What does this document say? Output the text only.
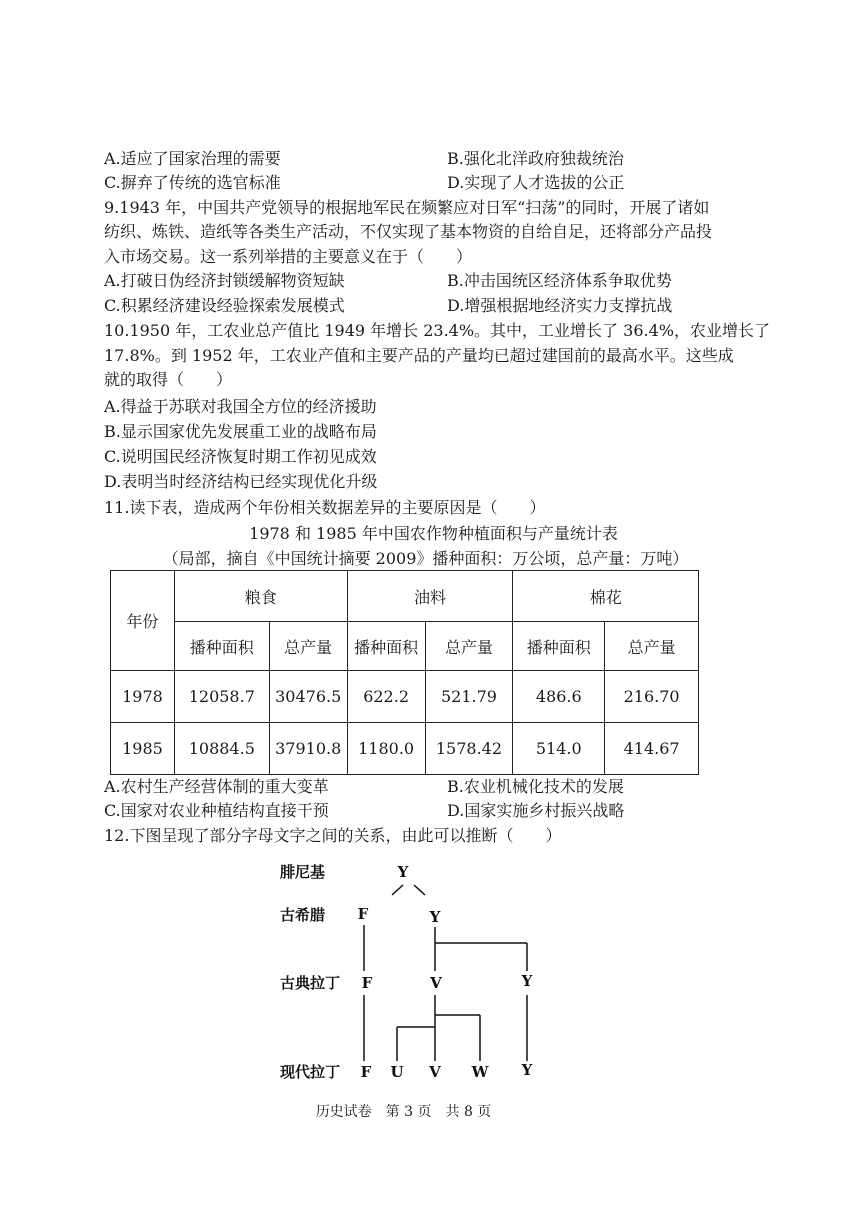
A.适应了国家治理的需要	B.强化北洋政府独裁统治
C.摒弃了传统的选官标准	D.实现了人才选拔的公正
9.1943 年，中国共产党领导的根据地军民在频繁应对日军“扫荡”的同时，开展了诸如
纺织、炼铁、造纸等各类生产活动，不仅实现了基本物资的自给自足，还将部分产品投
入市场交易。这一系列举措的主要意义在于（　　）
A.打破日伪经济封锁缓解物资短缺	B.冲击国统区经济体系争取优势
C.积累经济建设经验探索发展模式	D.增强根据地经济实力支撑抗战
10.1950 年，工农业总产值比 1949 年增长 23.4%。其中，工业增长了 36.4%，农业增长了
17.8%。到 1952 年，工农业产值和主要产品的产量均已超过建国前的最高水平。这些成
就的取得（　　）
A.得益于苏联对我国全方位的经济援助
B.显示国家优先发展重工业的战略布局
C.说明国民经济恢复时期工作初见成效
D.表明当时经济结构已经实现优化升级
11.读下表，造成两个年份相关数据差异的主要原因是（　　）
1978 和 1985 年中国农作物种植面积与产量统计表
（局部，摘自《中国统计摘要 2009》播种面积：万公顷，总产量：万吨）
年份	粮食		油料		棉花	
	播种面积	总产量	播种面积	总产量	播种面积	总产量
1978	12058.7	30476.5	622.2	521.79	486.6	216.70
1985	10884.5	37910.8	1180.0	1578.42	514.0	414.67
A.农村生产经营体制的重大变革	B.农业机械化技术的发展
C.国家对农业种植结构直接干预	D.国家实施乡村振兴战略
12.下图呈现了部分字母文字之间的关系，由此可以推断（　　）
腓尼基
古希腊
古典拉丁
现代拉丁
Y
F	Y
F	V	Y
F U V W Y
历史试卷　第 3 页　共 8 页
